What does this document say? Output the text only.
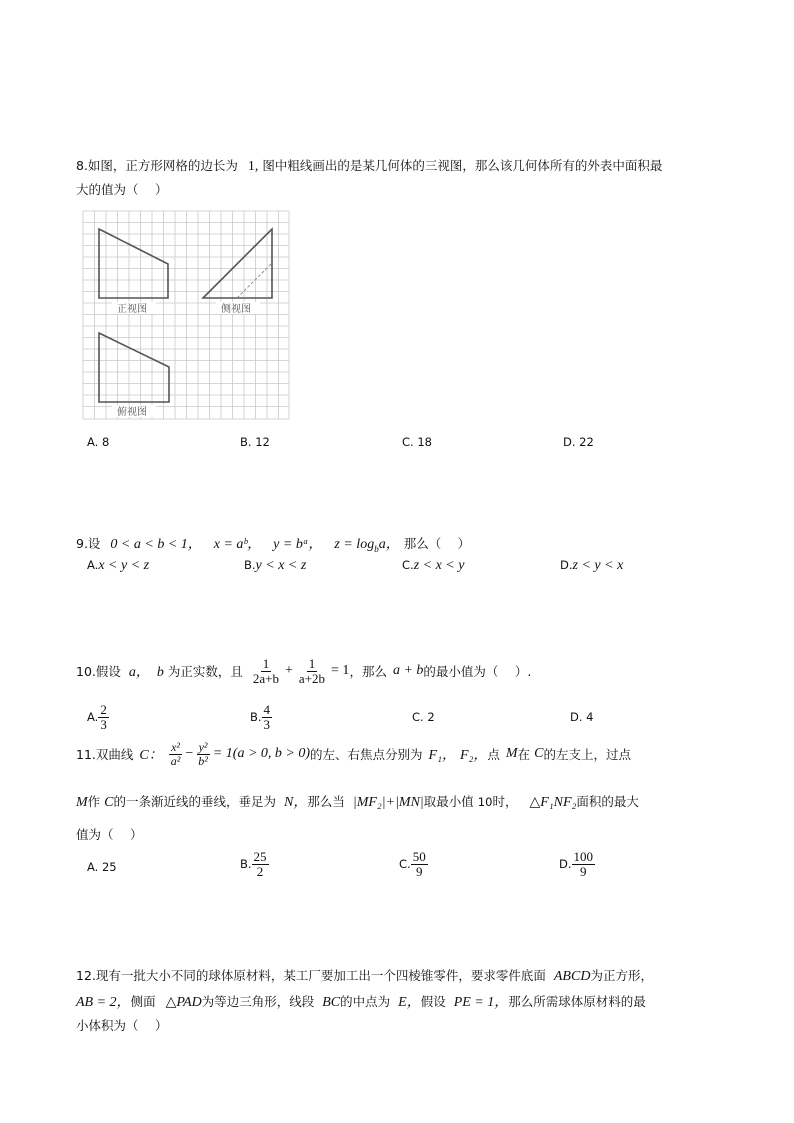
8.如图，正方形网格的边长为 1, 图中粗线画出的是某几何体的三视图，那么该几何体所有的外表中面积最
大的值为（　 ）
正视图	侧视图
俯视图
A. 8	B. 12	C. 18	D. 22
9.设 0 < a < b < 1， x = aᵇ， y = bᵃ， $z = \log_ba$， 那么（　 ）
A.x < y < z	B.y < x < z	C.z < x < y	D.z < y < x
10.假设 a，　b 为正实数，且 $\frac{1}{2a+b} + \frac{1}{a+2b} = 1$ ，那么 a + b 的最小值为（　 ）.
A. $\frac{2}{3}$	B. $\frac{4}{3}$	C. 2	D. 4
11.双曲线 C： $\frac{\text{x²}}{\text{a²}} - \frac{\text{y²}}{\text{b²}} = 1(a > 0$, b > 0) 的左、右焦点分别为 F₁， F₂， 点 M 在 C 的左支上，过点
M作 C的一条渐近线的垂线，垂足为 N，那么当 |MF₂|+|MN|取最小值 10时， △F₁NF₂面积的最大
值为（　 ）
A. 25	B. $\frac{25}{2}$	C. $\frac{50}{9}$	D. $\frac{100}{9}$
12.现有一批大小不同的球体原材料，某工厂要加工出一个四棱锥零件，要求零件底面 ABCD为正方形，
AB = 2，侧面 △PAD为等边三角形，线段 BC的中点为 E，假设 PE = 1，那么所需球体原材料的最
小体积为（　 ）
